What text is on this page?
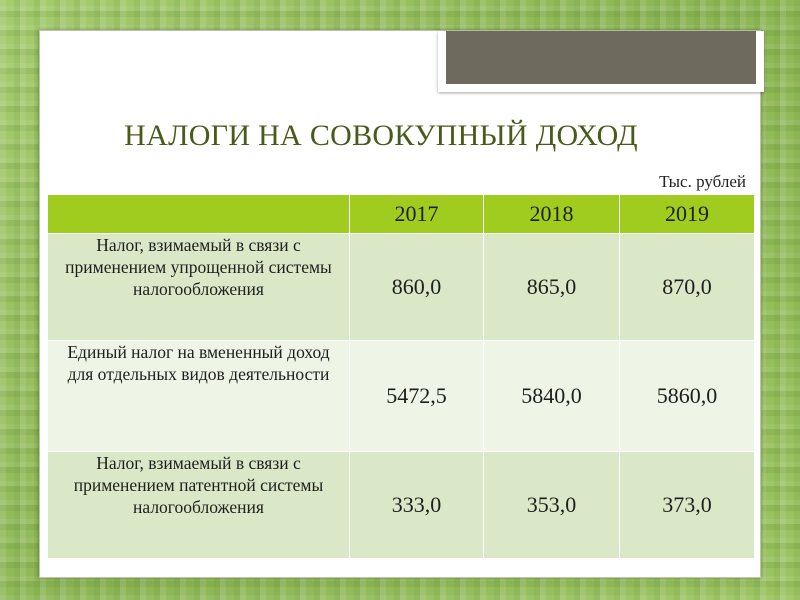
НАЛОГИ НА СОВОКУПНЫЙ ДОХОД
Тыс. рублей
	2017	2018	2019
Налог, взимаемый в связи с применением упрощенной системы налогообложения	860,0	865,0	870,0
Единый налог на вмененный доход для отдельных видов деятельности	5472,5	5840,0	5860,0
Налог, взимаемый в связи с применением патентной системы налогообложения	333,0	353,0	373,0
